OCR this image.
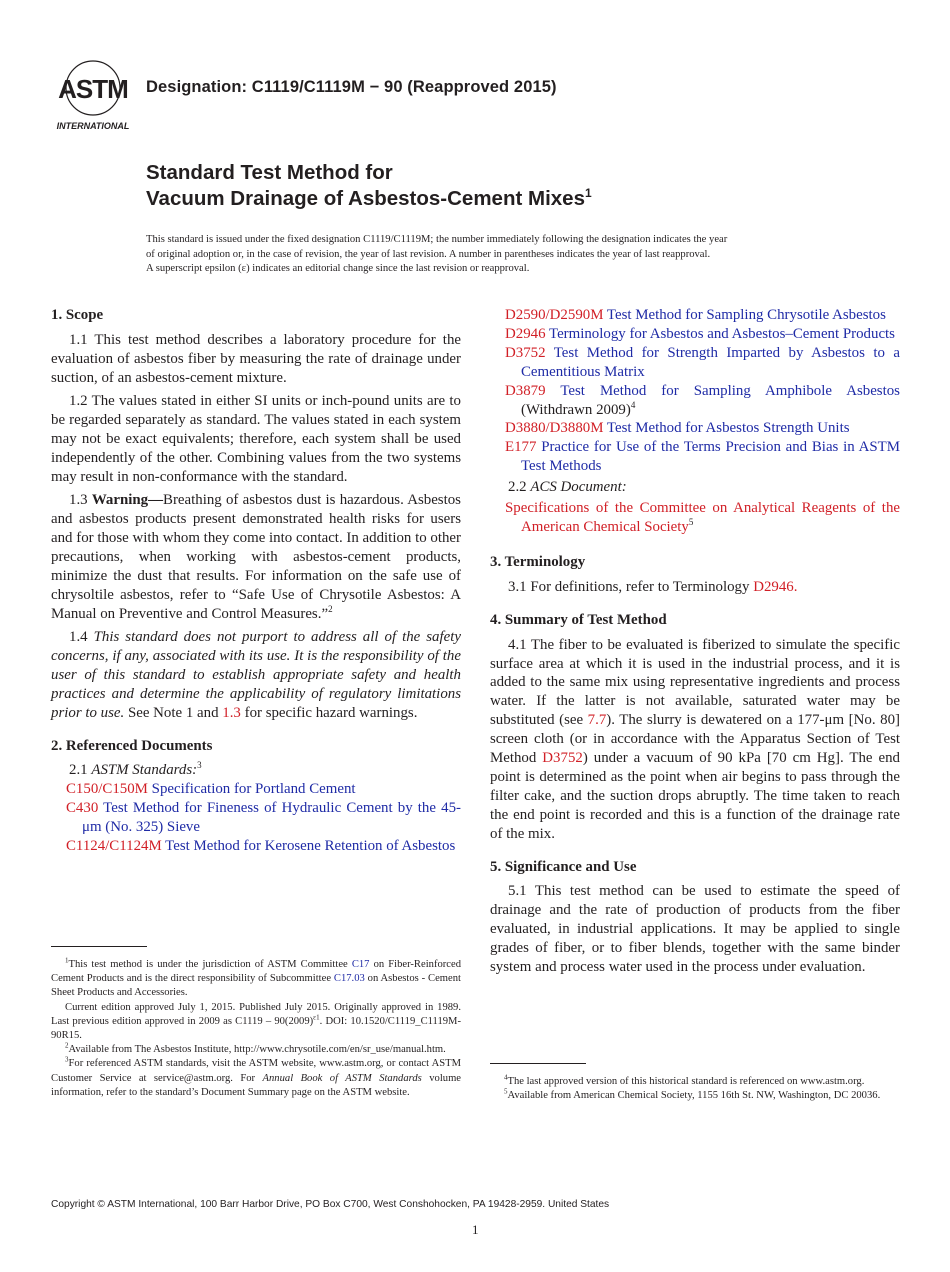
ASTM
INTERNATIONAL
Designation: C1119/C1119M − 90 (Reapproved 2015)
Standard Test Method for
Vacuum Drainage of Asbestos-Cement Mixes$^1$
This standard is issued under the fixed designation C1119/C1119M; the number immediately following the designation indicates the year
of original adoption or, in the case of revision, the year of last revision. A number in parentheses indicates the year of last reapproval.
A superscript epsilon (ε) indicates an editorial change since the last revision or reapproval.
1. Scope

1.1 This test method describes a laboratory procedure for the evaluation of asbestos fiber by measuring the rate of drainage under suction, of an asbestos-cement mixture.

1.2 The values stated in either SI units or inch-pound units are to be regarded separately as standard. The values stated in each system may not be exact equivalents; therefore, each system shall be used independently of the other. Combining values from the two systems may result in non-conformance with the standard.

1.3 Warning—Breathing of asbestos dust is hazardous. Asbestos and asbestos products present demonstrated health risks for users and for those with whom they come into contact. In addition to other precautions, when working with asbestos-cement products, minimize the dust that results. For information on the safe use of chrysoltile asbestos, refer to “Safe Use of Chrysotile Asbestos: A Manual on Preventive and Control Measures.”$^2$

1.4 This standard does not purport to address all of the safety concerns, if any, associated with its use. It is the responsibility of the user of this standard to establish appropriate safety and health practices and determine the applicability of regulatory limitations prior to use. See Note 1 and 1.3 for specific hazard warnings.

2. Referenced Documents

2.1 ASTM Standards:$^3$

C150/C150M Specification for Portland Cement
C430 Test Method for Fineness of Hydraulic Cement by the 45-μm (No. 325) Sieve
C1124/C1124M Test Method for Kerosene Retention of Asbestos

$^1$This test method is under the jurisdiction of ASTM Committee C17 on Fiber-Reinforced Cement Products and is the direct responsibility of Subcommittee C17.03 on Asbestos - Cement Sheet Products and Accessories.

Current edition approved July 1, 2015. Published July 2015. Originally approved in 1989. Last previous edition approved in 2009 as $C1119 - 90(2009)^{\varepsilon 1}$. DOI: 10.1520/C1119_C1119M-90R15.

$^2$Available from The Asbestos Institute, http://www.chrysotile.com/en/sr_use/manual.htm.

$^3$For referenced ASTM standards, visit the ASTM website, www.astm.org, or contact ASTM Customer Service at service@astm.org. For Annual Book of ASTM Standards volume information, refer to the standard’s Document Summary page on the ASTM website.

D2590/D2590M Test Method for Sampling Chrysotile Asbestos
D2946 Terminology for Asbestos and Asbestos–Cement Products
D3752 Test Method for Strength Imparted by Asbestos to a Cementitious Matrix
D3879 Test Method for Sampling Amphibole Asbestos (Withdrawn 2009)$^4$
D3880/D3880M Test Method for Asbestos Strength Units
E177 Practice for Use of the Terms Precision and Bias in ASTM Test Methods

2.2 ACS Document:

Specifications of the Committee on Analytical Reagents of the American Chemical Society$^5$
3. Terminology

3.1 For definitions, refer to Terminology D2946.

4. Summary of Test Method

4.1 The fiber to be evaluated is fiberized to simulate the specific surface area at which it is used in the industrial process, and it is added to the same mix using representative ingredients and process water. If the latter is not available, saturated water may be substituted (see 7.7). The slurry is dewatered on a 177-μm [No. 80] screen cloth (or in accordance with the Apparatus Section of Test Method D3752) under a vacuum of 90 kPa [70 cm Hg]. The end point is determined as the point when air begins to pass through the filter cake, and the suction drops abruptly. The time taken to reach the end point is recorded and this is a function of the drainage rate of the mix.

5. Significance and Use

5.1 This test method can be used to estimate the speed of drainage and the rate of production of products from the fiber evaluated, in industrial applications. It may be applied to single grades of fiber, or to fiber blends, together with the same binder system and process water used in the process under evaluation.

$^4$The last approved version of this historical standard is referenced on www.astm.org.

$^5$Available from American Chemical Society, 1155 16th St. NW, Washington, DC 20036.

Copyright © ASTM International, 100 Barr Harbor Drive, PO Box C700, West Conshohocken, PA 19428-2959. United States
1
